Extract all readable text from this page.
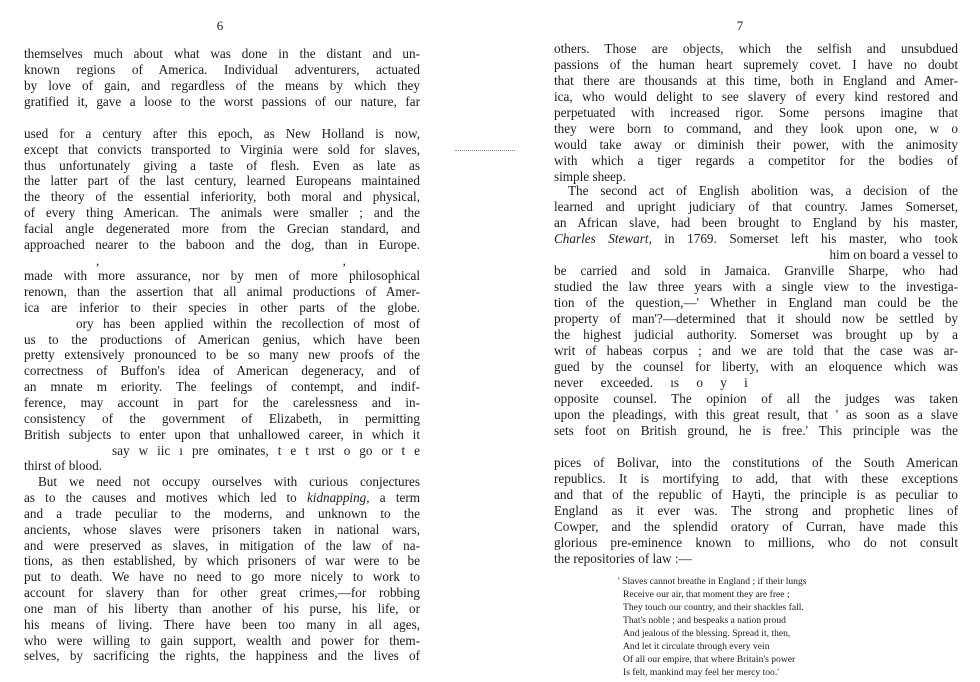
6
themselves much about what was done in the distant and un-
known regions of America. Individual adventurers, actuated
by love of gain, and regardless of the means by which they
gratified it, gave a loose to the worst passions of our nature, far
used for a century after this epoch, as New Holland is now,
except that convicts transported to Virginia were sold for slaves,
thus unfortunately giving a taste of flesh. Even as late as
the latter part of the last century, learned Europeans maintained
the theory of the essential inferiority, both moral and physical,
of every thing American. The animals were smaller ; and the
facial angle degenerated more from the Grecian standard, and
approached nearer to the baboon and the dog, than in Europe.
, ,
made with more assurance, nor by men of more philosophical
renown, than the assertion that all animal productions of Amer-
ica are inferior to their species in other parts of the globe.
ory has been applied within the recollection of most of
us to the productions of American genius, which have been
pretty extensively pronounced to be so many new proofs of the
correctness of Buffon's idea of American degeneracy, and of
an mnate m eriority. The feelings of contempt, and indif-
ference, may account in part for the carelessness and in-
consistency of the government of Elizabeth, in permitting
British subjects to enter upon that unhallowed career, in which it
say w iic ı pre ominates, t e t ırst o go or t e
thirst of blood.
But we need not occupy ourselves with curious conjectures
as to the causes and motives which led to kidnapping, a term
and a trade peculiar to the moderns, and unknown to the
ancients, whose slaves were prisoners taken in national wars,
and were preserved as slaves, in mitigation of the law of na-
tions, as then established, by which prisoners of war were to be
put to death. We have no need to go more nicely to work to
account for slavery than for other great crimes,—for robbing
one man of his liberty than another of his purse, his life, or
his means of living. There have been too many in all ages,
who were willing to gain support, wealth and power for them-
selves, by sacrificing the rights, the happiness and the lives of
7
others. Those are objects, which the selfish and unsubdued
passions of the human heart supremely covet. I have no doubt
that there are thousands at this time, both in England and Amer-
ica, who would delight to see slavery of every kind restored and
perpetuated with increased rigor. Some persons imagine that
they were born to command, and they look upon one, w o
would take away or diminish their power, with the animosity
with which a tiger regards a competitor for the bodies of
simple sheep.
The second act of English abolition was, a decision of the
learned and upright judiciary of that country. James Somerset,
an African slave, had been brought to England by his master,
Charles Stewart, in 1769. Somerset left his master, who took
him on board a vessel to
be carried and sold in Jamaica. Granville Sharpe, who had
studied the law three years with a single view to the investiga-
tion of the question,—' Whether in England man could be the
property of man'?—determined that it should now be settled by
the highest judicial authority. Somerset was brought up by a
writ of habeas corpus ; and we are told that the case was ar-
gued by the counsel for liberty, with an eloquence which was
never exceeded. ıs o y i
opposite counsel. The opinion of all the judges was taken
upon the pleadings, with this great result, that ' as soon as a slave
sets foot on British ground, he is free.' This principle was the
pices of Bolivar, into the constitutions of the South American
republics. It is mortifying to add, that with these exceptions
and that of the republic of Hayti, the principle is as peculiar to
England as it ever was. The strong and prophetic lines of
Cowper, and the splendid oratory of Curran, have made this
glorious pre-eminence known to millions, who do not consult
the repositories of law :—
' Slaves cannot breathe in England ; if their lungs
Receive our air, that moment they are free ;
They touch our country, and their shackles fall.
That's noble ; and bespeaks a nation proud
And jealous of the blessing. Spread it, then,
And let it circulate through every vein
Of all our empire, that where Britain's power
Is felt, mankind may feel her mercy too.'
